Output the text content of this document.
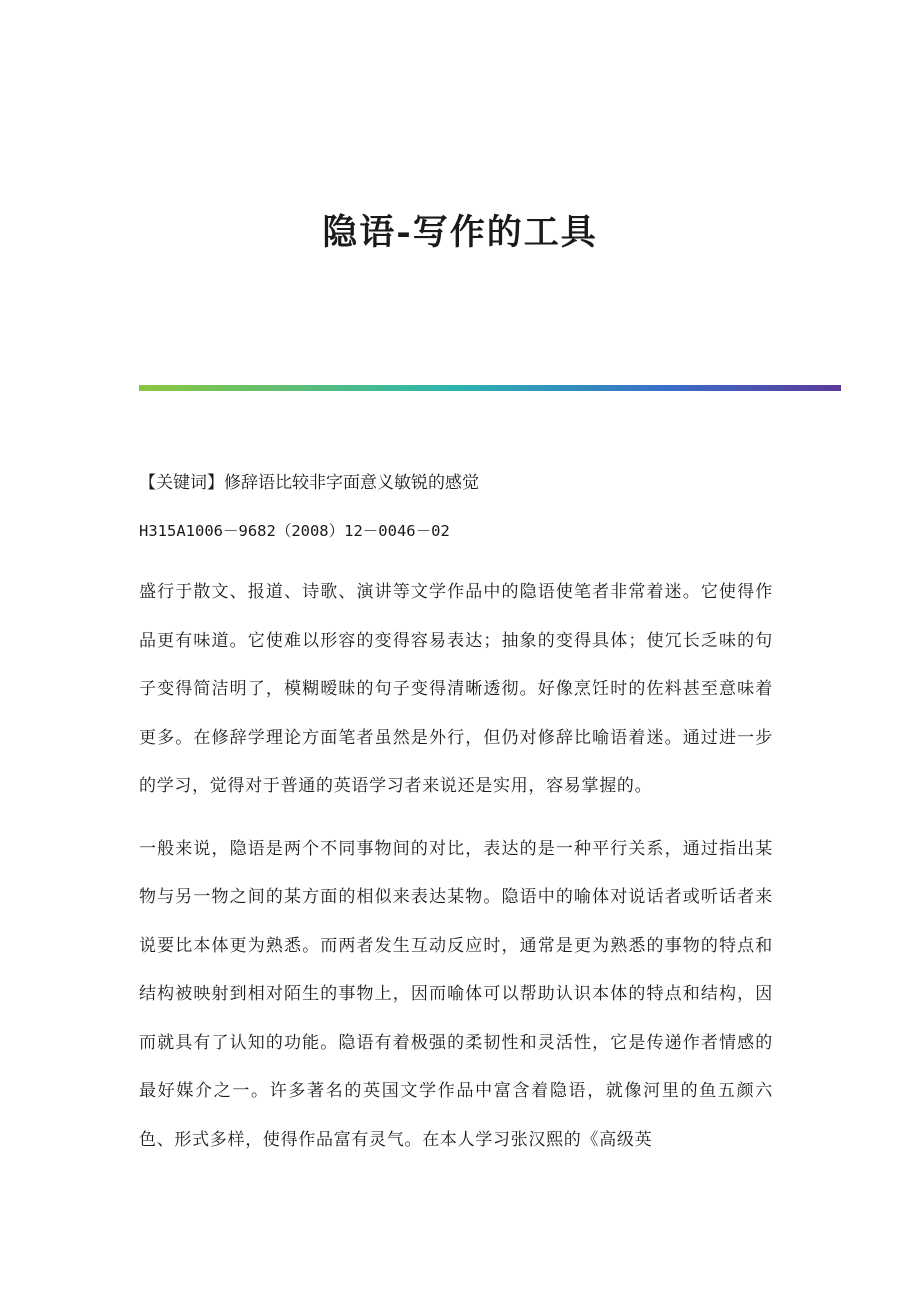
隐语-写作的工具

【关键词】修辞语比较非字面意义敏锐的感觉

H315A1006－9682（2008）12－0046－02

盛行于散文、报道、诗歌、演讲等文学作品中的隐语使笔者非常着迷。它使得作品更有味道。它使难以形容的变得容易表达；抽象的变得具体；使冗长乏味的句子变得简洁明了，模糊暧昧的句子变得清晰透彻。好像烹饪时的佐料甚至意味着更多。在修辞学理论方面笔者虽然是外行，但仍对修辞比喻语着迷。通过进一步的学习，觉得对于普通的英语学习者来说还是实用，容易掌握的。

一般来说，隐语是两个不同事物间的对比，表达的是一种平行关系，通过指出某物与另一物之间的某方面的相似来表达某物。隐语中的喻体对说话者或听话者来说要比本体更为熟悉。而两者发生互动反应时，通常是更为熟悉的事物的特点和结构被映射到相对陌生的事物上，因而喻体可以帮助认识本体的特点和结构，因而就具有了认知的功能。隐语有着极强的柔韧性和灵活性，它是传递作者情感的最好媒介之一。许多著名的英国文学作品中富含着隐语，就像河里的鱼五颜六色、形式多样，使得作品富有灵气。在本人学习张汉熙的《高级英
